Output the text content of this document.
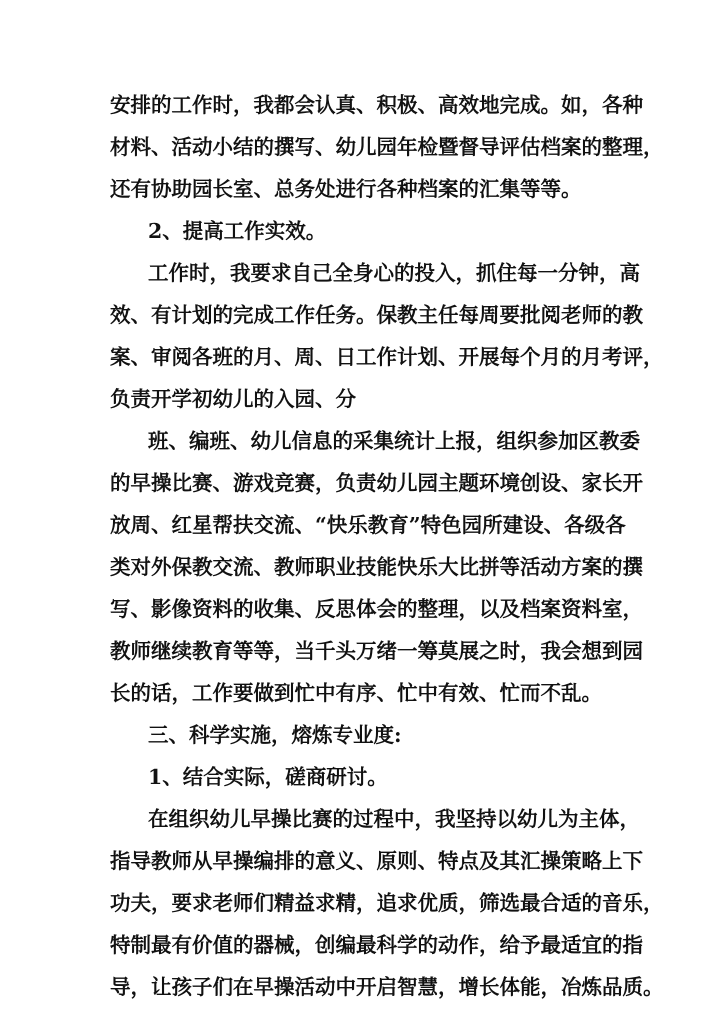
安排的工作时，我都会认真、积极、高效地完成。如，各种
材料、活动小结的撰写、幼儿园年检暨督导评估档案的整理，
还有协助园长室、总务处进行各种档案的汇集等等。
2、提高工作实效。
工作时，我要求自己全身心的投入，抓住每一分钟，高
效、有计划的完成工作任务。保教主任每周要批阅老师的教
案、审阅各班的月、周、日工作计划、开展每个月的月考评，
负责开学初幼儿的入园、分
班、编班、幼儿信息的采集统计上报，组织参加区教委
的早操比赛、游戏竞赛，负责幼儿园主题环境创设、家长开
放周、红星帮扶交流、“快乐教育”特色园所建设、各级各
类对外保教交流、教师职业技能快乐大比拼等活动方案的撰
写、影像资料的收集、反思体会的整理，以及档案资料室，
教师继续教育等等，当千头万绪一筹莫展之时，我会想到园
长的话，工作要做到忙中有序、忙中有效、忙而不乱。
三、科学实施，熔炼专业度:
1、结合实际，磋商研讨。
在组织幼儿早操比赛的过程中，我坚持以幼儿为主体，
指导教师从早操编排的意义、原则、特点及其汇操策略上下
功夫，要求老师们精益求精，追求优质，筛选最合适的音乐，
特制最有价值的器械，创编最科学的动作，给予最适宜的指
导，让孩子们在早操活动中开启智慧，增长体能，冶炼品质。
